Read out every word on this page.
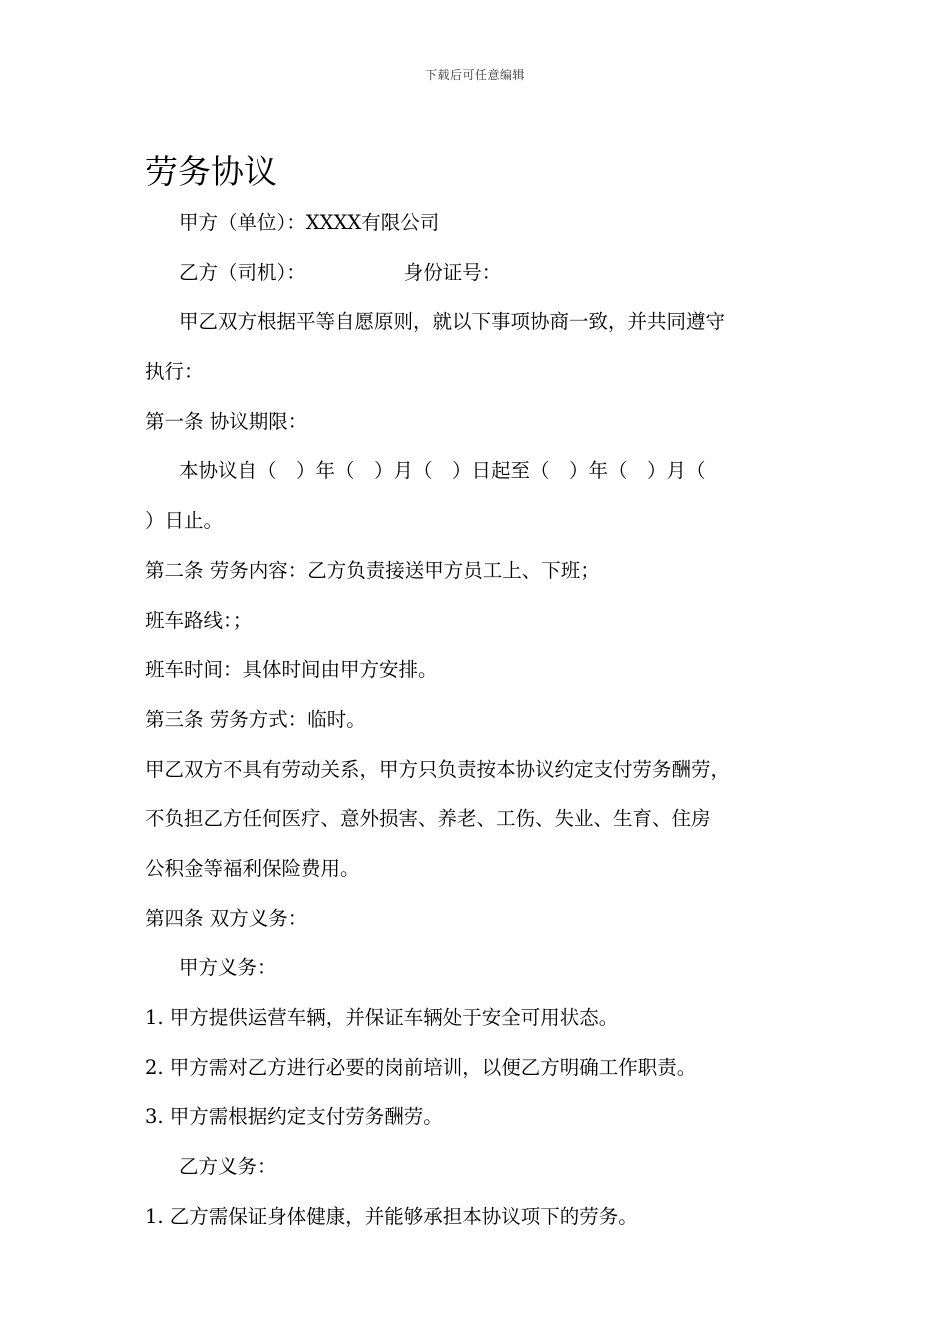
下载后可任意编辑
劳务协议
甲方（单位）：XXXX有限公司
乙方（司机）：	身份证号：
甲乙双方根据平等自愿原则，就以下事项协商一致，并共同遵守
执行：
第一条 协议期限：
本协议自（　）年（　）月（　）日起至（　）年（　）月（
）日止。
第二条 劳务内容：乙方负责接送甲方员工上、下班；
班车路线：；
班车时间：具体时间由甲方安排。
第三条 劳务方式：临时。
甲乙双方不具有劳动关系，甲方只负责按本协议约定支付劳务酬劳，
不负担乙方任何医疗、意外损害、养老、工伤、失业、生育、住房
公积金等福利保险费用。
第四条 双方义务：
甲方义务：
1. 甲方提供运营车辆，并保证车辆处于安全可用状态。
2. 甲方需对乙方进行必要的岗前培训，以便乙方明确工作职责。
3. 甲方需根据约定支付劳务酬劳。
乙方义务：
1. 乙方需保证身体健康，并能够承担本协议项下的劳务。
